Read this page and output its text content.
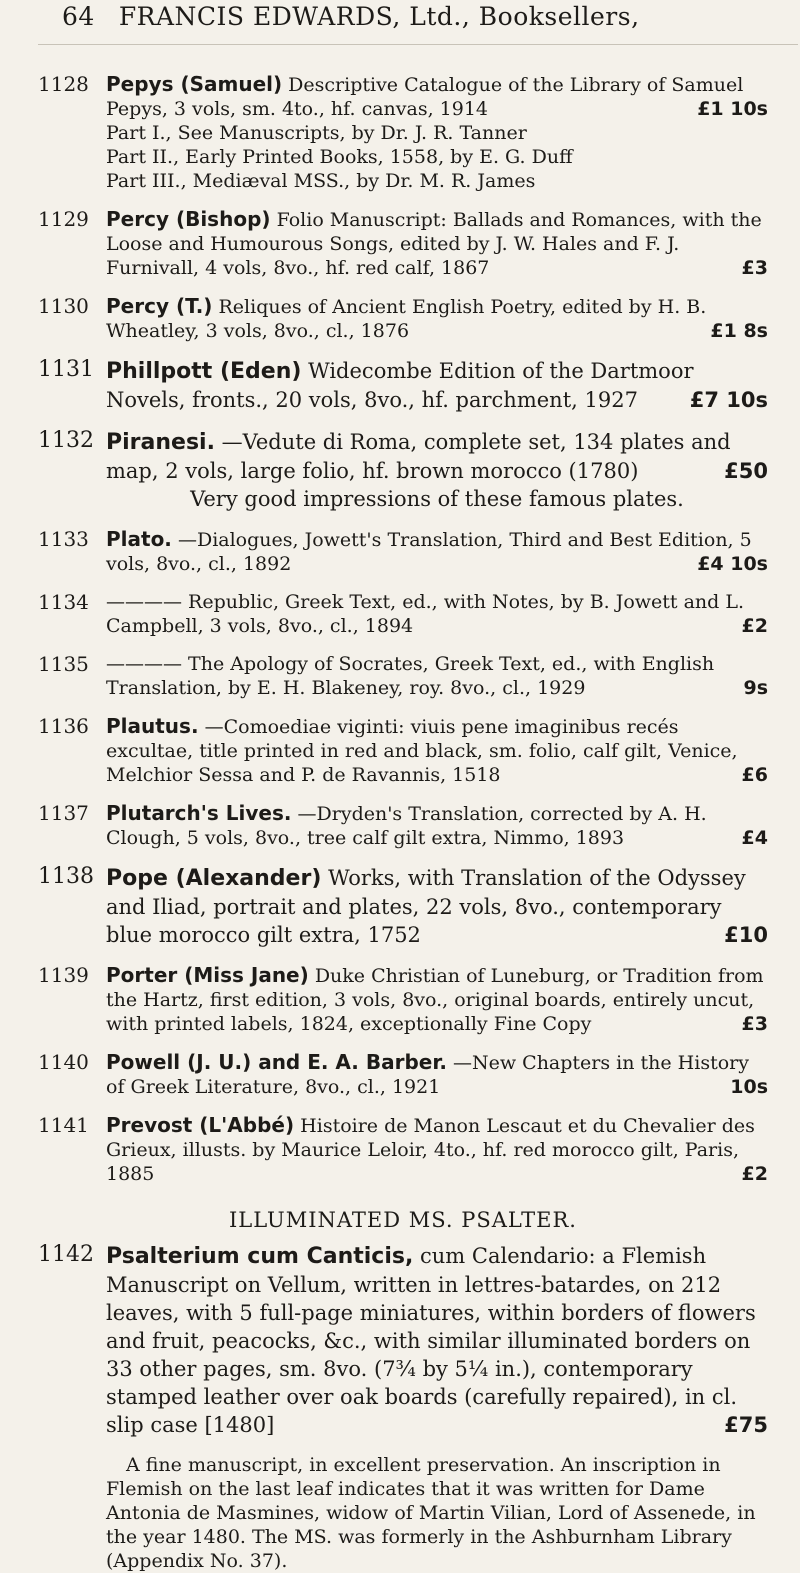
64 FRANCIS EDWARDS, Ltd., Booksellers,
1128 Pepys (Samuel) Descriptive Catalogue of the Library of Samuel Pepys, 3 vols, sm. 4to., hf. canvas, 1914	£1 10s
Part I., See Manuscripts, by Dr. J. R. Tanner
Part II., Early Printed Books, 1558, by E. G. Duff
Part III., Mediæval MSS., by Dr. M. R. James
1129 Percy (Bishop) Folio Manuscript: Ballads and Romances, with the Loose and Humourous Songs, edited by J. W. Hales and F. J. Furnivall, 4 vols, 8vo., hf. red calf, 1867	£3
1130 Percy (T.) Reliques of Ancient English Poetry, edited by H. B. Wheatley, 3 vols, 8vo., cl., 1876	£1 8s
1131 Phillpott (Eden) Widecombe Edition of the Dartmoor Novels, fronts., 20 vols, 8vo., hf. parchment, 1927 £7 10s
1132 Piranesi. —Vedute di Roma, complete set, 134 plates and map, 2 vols, large folio, hf. brown morocco (1780)	£50
Very good impressions of these famous plates.
1133 Plato. —Dialogues, Jowett's Translation, Third and Best Edition, 5 vols, 8vo., cl., 1892	£4 10s
1134 ———— Republic, Greek Text, ed., with Notes, by B. Jowett and L. Campbell, 3 vols, 8vo., cl., 1894	£2
1135 ———— The Apology of Socrates, Greek Text, ed., with English Translation, by E. H. Blakeney, roy. 8vo., cl., 1929	9s
1136 Plautus. —Comoediae viginti: viuis pene imaginibus recés excultae, title printed in red and black, sm. folio, calf gilt, Venice, Melchior Sessa and P. de Ravannis, 1518	£6
1137 Plutarch's Lives. —Dryden's Translation, corrected by A. H. Clough, 5 vols, 8vo., tree calf gilt extra, Nimmo, 1893	£4
1138 Pope (Alexander) Works, with Translation of the Odyssey and Iliad, portrait and plates, 22 vols, 8vo., contemporary blue morocco gilt extra, 1752	£10
1139 Porter (Miss Jane) Duke Christian of Luneburg, or Tradition from the Hartz, first edition, 3 vols, 8vo., original boards, entirely uncut, with printed labels, 1824, exceptionally Fine Copy	£3
1140 Powell (J. U.) and E. A. Barber. —New Chapters in the History of Greek Literature, 8vo., cl., 1921	10s
1141 Prevost (L'Abbé) Histoire de Manon Lescaut et du Chevalier des Grieux, illusts. by Maurice Leloir, 4to., hf. red morocco gilt, Paris, 1885	£2
ILLUMINATED MS. PSALTER.
1142 Psalterium cum Canticis, cum Calendario: a Flemish Manuscript on Vellum, written in lettres-batardes, on 212 leaves, with 5 full-page miniatures, within borders of flowers and fruit, peacocks, &c., with similar illuminated borders on 33 other pages, sm. 8vo. (7¾ by 5¼ in.), contemporary stamped leather over oak boards (carefully repaired), in cl. slip case [1480]	£75
A fine manuscript, in excellent preservation. An inscription in Flemish on the last leaf indicates that it was written for Dame Antonia de Masmines, widow of Martin Vilian, Lord of Assenede, in the year 1480. The MS. was formerly in the Ashburnham Library (Appendix No. 37).
